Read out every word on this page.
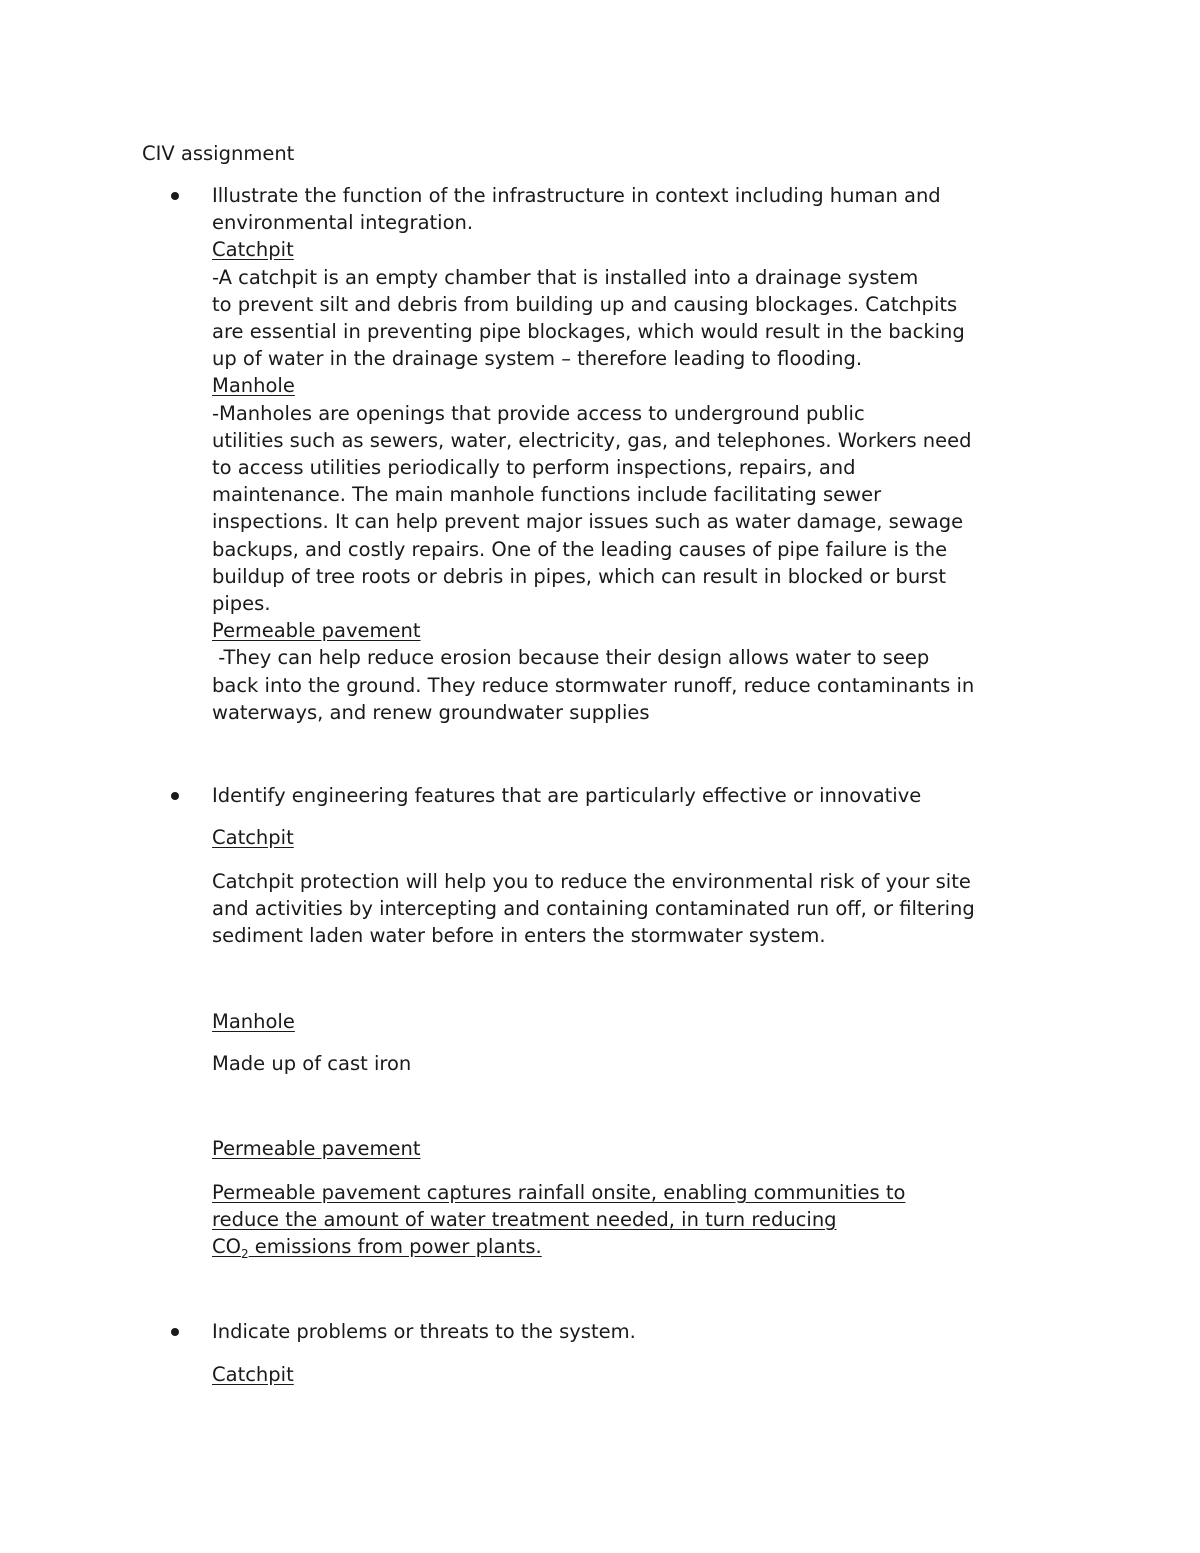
CIV assignment
Illustrate the function of the infrastructure in context including human and
environmental integration.
Catchpit
-A catchpit is an empty chamber that is installed into a drainage system
to prevent silt and debris from building up and causing blockages. Catchpits
are essential in preventing pipe blockages, which would result in the backing
up of water in the drainage system – therefore leading to flooding.
Manhole
-Manholes are openings that provide access to underground public
utilities such as sewers, water, electricity, gas, and telephones. Workers need
to access utilities periodically to perform inspections, repairs, and
maintenance. The main manhole functions include facilitating sewer
inspections. It can help prevent major issues such as water damage, sewage
backups, and costly repairs. One of the leading causes of pipe failure is the
buildup of tree roots or debris in pipes, which can result in blocked or burst
pipes.
Permeable pavement
-They can help reduce erosion because their design allows water to seep
back into the ground. They reduce stormwater runoff, reduce contaminants in
waterways, and renew groundwater supplies
Identify engineering features that are particularly effective or innovative
Catchpit
Catchpit protection will help you to reduce the environmental risk of your site
and activities by intercepting and containing contaminated run off, or filtering
sediment laden water before in enters the stormwater system.
Manhole
Made up of cast iron
Permeable pavement
Permeable pavement captures rainfall onsite, enabling communities to
reduce the amount of water treatment needed, in turn reducing
$CO_2$ emissions from power plants.
Indicate problems or threats to the system.
Catchpit
